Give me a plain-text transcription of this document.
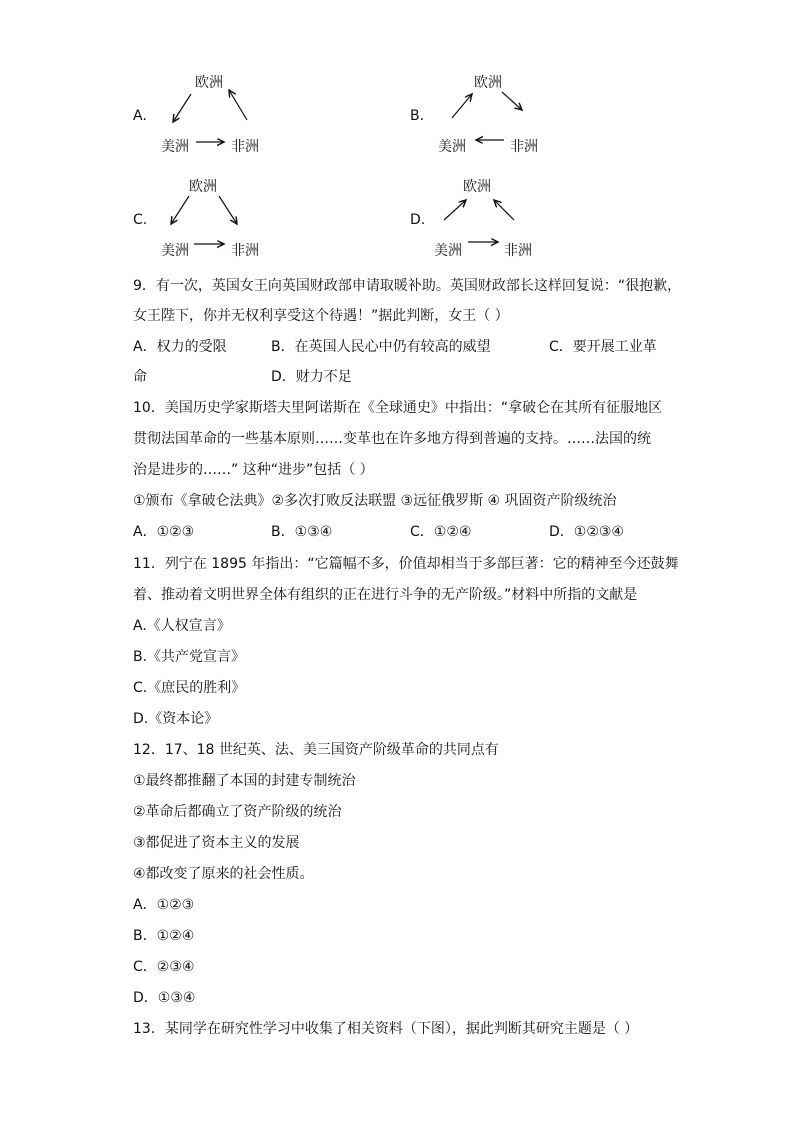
A.
欧洲
美洲	非洲
B.
欧洲
美洲	非洲
C.
欧洲
美洲	非洲
D.
欧洲
美洲	非洲
9．有一次，英国女王向英国财政部申请取暖补助。英国财政部长这样回复说：“很抱歉，
女王陛下，你并无权利享受这个待遇！”据此判断，女王（ ）
A．权力的受限	B．在英国人民心中仍有较高的威望	C．要开展工业革
命	D．财力不足
10．美国历史学家斯塔夫里阿诺斯在《全球通史》中指出：“拿破仑在其所有征服地区
贯彻法国革命的一些基本原则……变革也在许多地方得到普遍的支持。……法国的统
治是进步的……” 这种“进步”包括（ ）
①颁布《拿破仑法典》②多次打败反法联盟 ③远征俄罗斯 ④ 巩固资产阶级统治
A．①②③	B．①③④	C．①②④	D．①②③④
11．列宁在 1895 年指出：“它篇幅不多，价值却相当于多部巨著：它的精神至今还鼓舞
着、推动着文明世界全体有组织的正在进行斗争的无产阶级。”材料中所指的文献是
A.《人权宣言》
B.《共产党宣言》
C.《庶民的胜利》
D.《资本论》
12．17、18 世纪英、法、美三国资产阶级革命的共同点有
①最终都推翻了本国的封建专制统治
②革命后都确立了资产阶级的统治
③都促进了资本主义的发展
④都改变了原来的社会性质。
A．①②③
B．①②④
C．②③④
D．①③④
13．某同学在研究性学习中收集了相关资料（下图），据此判断其研究主题是（ ）
